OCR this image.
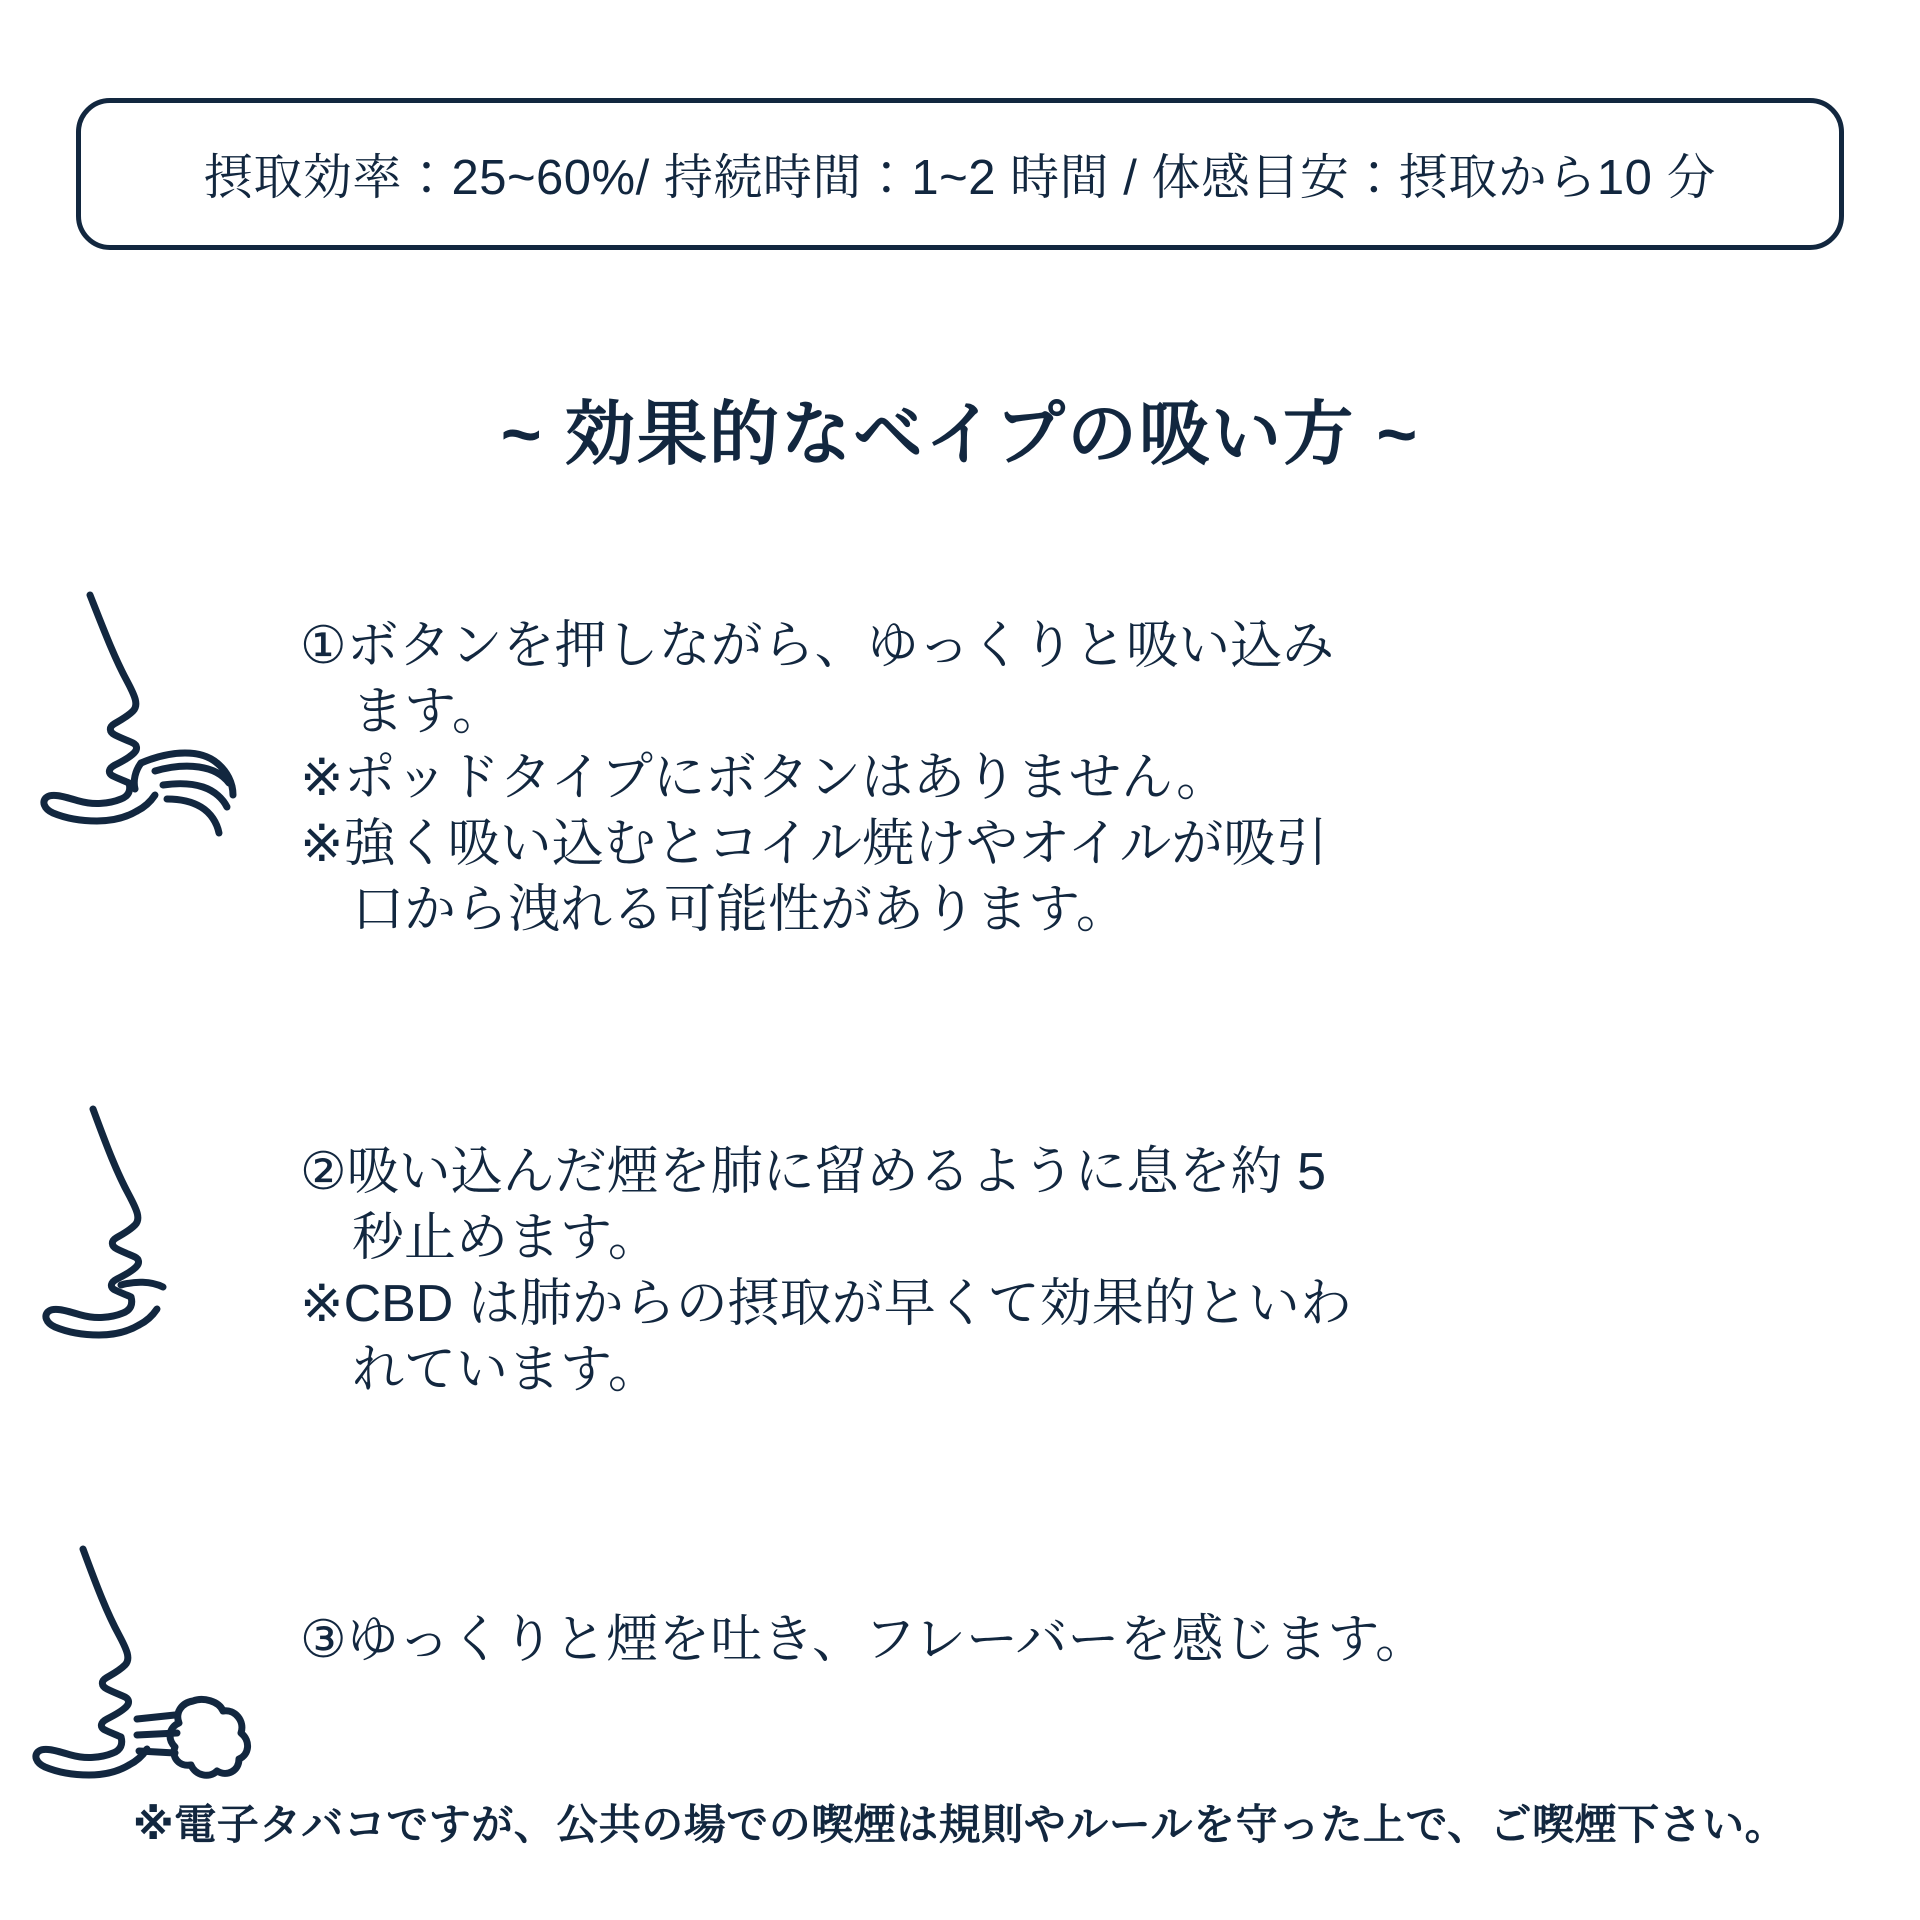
摂取効率：25~60%/ 持続時間：1~2 時間 / 体感目安：摂取から10 分
~ 効果的なベイプの吸い方 ~
①ボタンを押しながら、ゆっくりと吸い込み
ます。
※ポッドタイプにボタンはありません。
※強く吸い込むとコイル焼けやオイルが吸引
口から洩れる可能性があります。
②吸い込んだ煙を肺に留めるように息を約 5
秒止めます。
※CBD は肺からの摂取が早くて効果的といわ
れています。
③ゆっくりと煙を吐き、フレーバーを感じます。
※電子タバコですが、公共の場での喫煙は規則やルールを守った上で、ご喫煙下さい。
